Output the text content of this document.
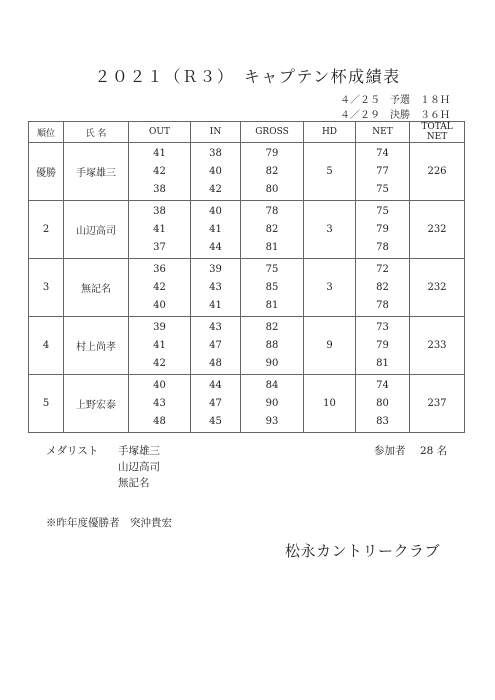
２０２１（Ｒ３）　キャプテン杯成績表
４／２５　予選　１８Ｈ
４／２９　決勝　３６Ｈ
順位	氏 名	OUT	IN	GROSS	HD	NET	TOTAL NET
優勝	手塚雄三	41
42
38	38
40
42	79
82
80	5	74
77
75	226
2	山辺高司	38
41
37	40
41
44	78
82
81	3	75
79
78	232
3	無記名	36
42
40	39
43
41	75
85
81	3	72
82
78	232
4	村上尚孝	39
41
42	43
47
48	82
88
90	9	73
79
81	233
5	上野宏泰	40
43
48	44
47
45	84
90
93	10	74
80
83	237
メダリスト 手塚雄三
山辺高司
無記名
参加者 28 名
※昨年度優勝者　突沖貴宏
松永カントリークラブ
